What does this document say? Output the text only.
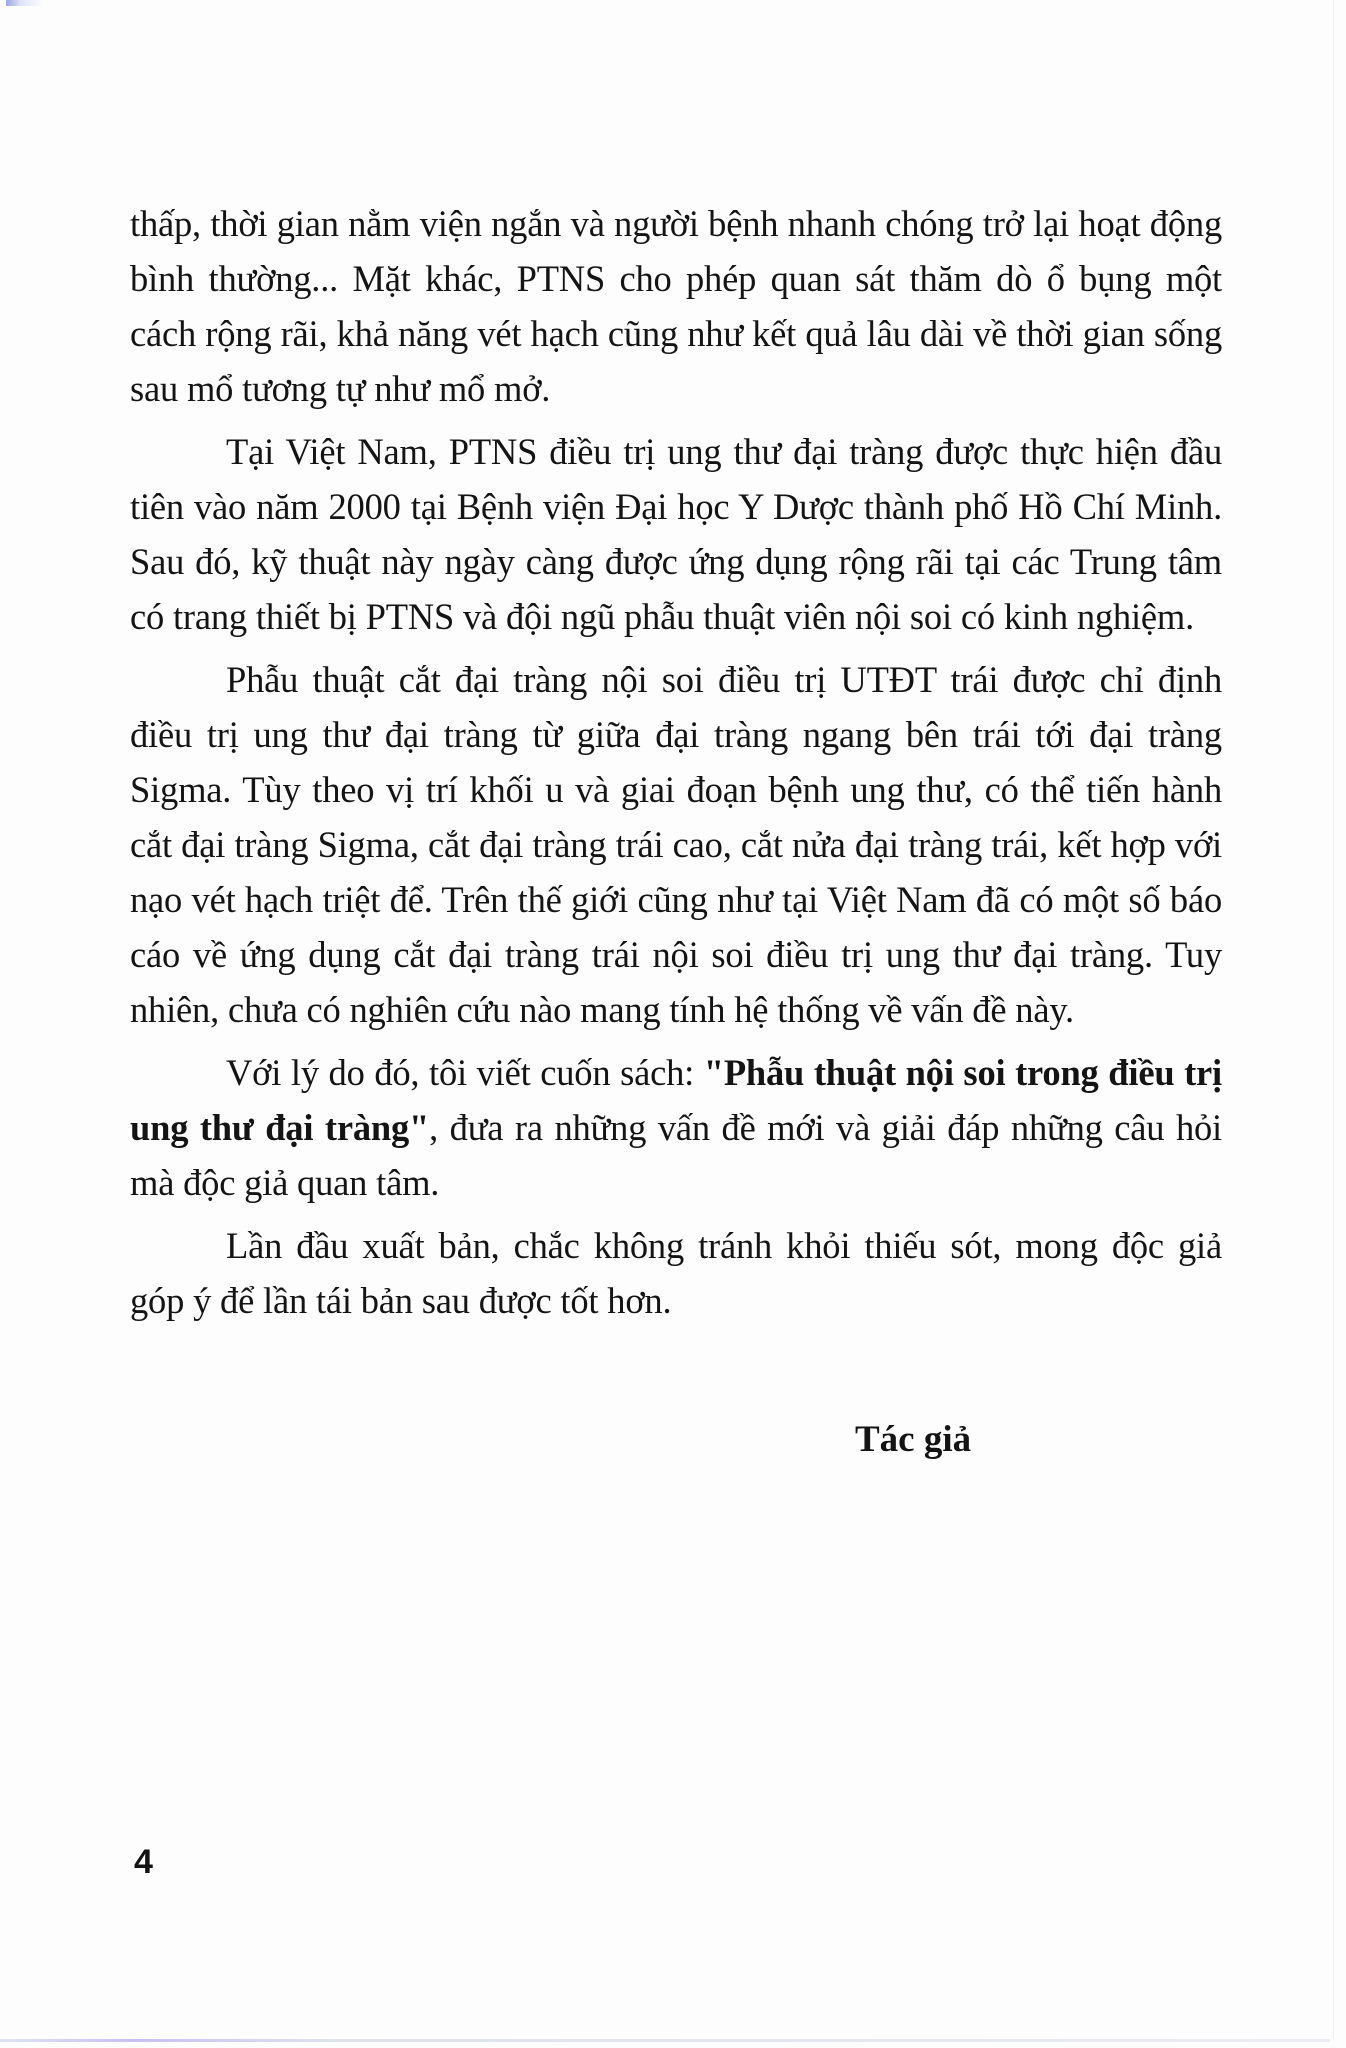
thấp, thời gian nằm viện ngắn và người bệnh nhanh chóng trở lại hoạt động bình thường... Mặt khác, PTNS cho phép quan sát thăm dò ổ bụng một cách rộng rãi, khả năng vét hạch cũng như kết quả lâu dài về thời gian sống sau mổ tương tự như mổ mở.

Tại Việt Nam, PTNS điều trị ung thư đại tràng được thực hiện đầu tiên vào năm 2000 tại Bệnh viện Đại học Y Dược thành phố Hồ Chí Minh. Sau đó, kỹ thuật này ngày càng được ứng dụng rộng rãi tại các Trung tâm có trang thiết bị PTNS và đội ngũ phẫu thuật viên nội soi có kinh nghiệm.

Phẫu thuật cắt đại tràng nội soi điều trị UTĐT trái được chỉ định điều trị ung thư đại tràng từ giữa đại tràng ngang bên trái tới đại tràng Sigma. Tùy theo vị trí khối u và giai đoạn bệnh ung thư, có thể tiến hành cắt đại tràng Sigma, cắt đại tràng trái cao, cắt nửa đại tràng trái, kết hợp với nạo vét hạch triệt để. Trên thế giới cũng như tại Việt Nam đã có một số báo cáo về ứng dụng cắt đại tràng trái nội soi điều trị ung thư đại tràng. Tuy nhiên, chưa có nghiên cứu nào mang tính hệ thống về vấn đề này.

Với lý do đó, tôi viết cuốn sách: "Phẫu thuật nội soi trong điều trị ung thư đại tràng", đưa ra những vấn đề mới và giải đáp những câu hỏi mà độc giả quan tâm.

Lần đầu xuất bản, chắc không tránh khỏi thiếu sót, mong độc giả góp ý để lần tái bản sau được tốt hơn.

Tác giả
4
